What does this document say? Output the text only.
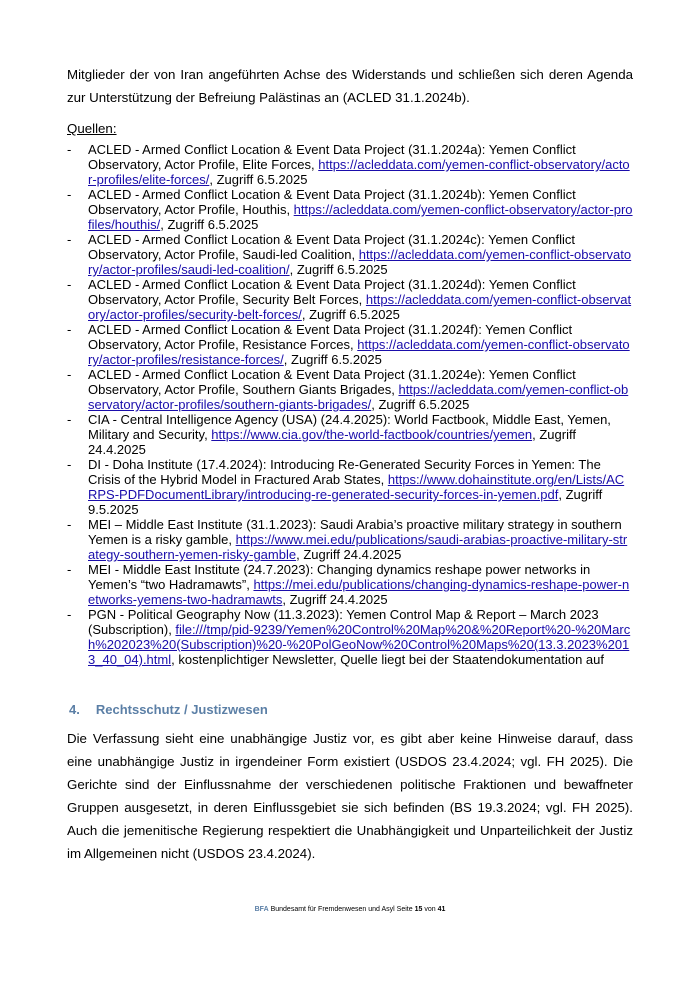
Mitglieder der von Iran angeführten Achse des Widerstands und schließen sich deren Agenda zur Unterstützung der Befreiung Palästinas an (ACLED 31.1.2024b).

Quellen:

- ACLED - Armed Conflict Location & Event Data Project (31.1.2024a): Yemen Conflict Observatory, Actor Profile, Elite Forces, https://acleddata.com/yemen-conflict-observatory/actor-profiles/elite-forces/, Zugriff 6.5.2025
- ACLED - Armed Conflict Location & Event Data Project (31.1.2024b): Yemen Conflict Observatory, Actor Profile, Houthis, https://acleddata.com/yemen-conflict-observatory/actor-profiles/houthis/, Zugriff 6.5.2025
- ACLED - Armed Conflict Location & Event Data Project (31.1.2024c): Yemen Conflict Observatory, Actor Profile, Saudi-led Coalition, https://acleddata.com/yemen-conflict-observatory/actor-profiles/saudi-led-coalition/, Zugriff 6.5.2025
- ACLED - Armed Conflict Location & Event Data Project (31.1.2024d): Yemen Conflict Observatory, Actor Profile, Security Belt Forces, https://acleddata.com/yemen-conflict-observatory/actor-profiles/security-belt-forces/, Zugriff 6.5.2025
- ACLED - Armed Conflict Location & Event Data Project (31.1.2024f): Yemen Conflict Observatory, Actor Profile, Resistance Forces, https://acleddata.com/yemen-conflict-observatory/actor-profiles/resistance-forces/, Zugriff 6.5.2025
- ACLED - Armed Conflict Location & Event Data Project (31.1.2024e): Yemen Conflict Observatory, Actor Profile, Southern Giants Brigades, https://acleddata.com/yemen-conflict-observatory/actor-profiles/southern-giants-brigades/, Zugriff 6.5.2025
- CIA - Central Intelligence Agency (USA) (24.4.2025): World Factbook, Middle East, Yemen, Military and Security, https://www.cia.gov/the-world-factbook/countries/yemen, Zugriff 24.4.2025
- DI - Doha Institute (17.4.2024): Introducing Re-Generated Security Forces in Yemen: The Crisis of the Hybrid Model in Fractured Arab States, https://www.dohainstitute.org/en/Lists/ACRPS-PDFDocumentLibrary/introducing-re-generated-security-forces-in-yemen.pdf, Zugriff 9.5.2025
- MEI – Middle East Institute (31.1.2023): Saudi Arabia’s proactive military strategy in southern Yemen is a risky gamble, https://www.mei.edu/publications/saudi-arabias-proactive-military-strategy-southern-yemen-risky-gamble, Zugriff 24.4.2025
- MEI - Middle East Institute (24.7.2023): Changing dynamics reshape power networks in Yemen’s “two Hadramawts”, https://mei.edu/publications/changing-dynamics-reshape-power-networks-yemens-two-hadramawts, Zugriff 24.4.2025
- PGN - Political Geography Now (11.3.2023): Yemen Control Map & Report – March 2023 (Subscription), file:///tmp/pid-9239/Yemen%20Control%20Map%20&%20Report%20-%20March%202023%20(Subscription)%20-%20PolGeoNow%20Control%20Maps%20(13.3.2023%2013_40_04).html, kostenplichtiger Newsletter, Quelle liegt bei der Staatendokumentation auf
4. Rechtsschutz / Justizwesen

Die Verfassung sieht eine unabhängige Justiz vor, es gibt aber keine Hinweise darauf, dass eine unabhängige Justiz in irgendeiner Form existiert (USDOS 23.4.2024; vgl. FH 2025). Die Gerichte sind der Einflussnahme der verschiedenen politische Fraktionen und bewaffneter Gruppen ausgesetzt, in deren Einflussgebiet sie sich befinden (BS 19.3.2024; vgl. FH 2025). Auch die jemenitische Regierung respektiert die Unabhängigkeit und Unparteilichkeit der Justiz im Allgemeinen nicht (USDOS 23.4.2024).

BFA Bundesamt für Fremdenwesen und Asyl Seite 15 von 41
